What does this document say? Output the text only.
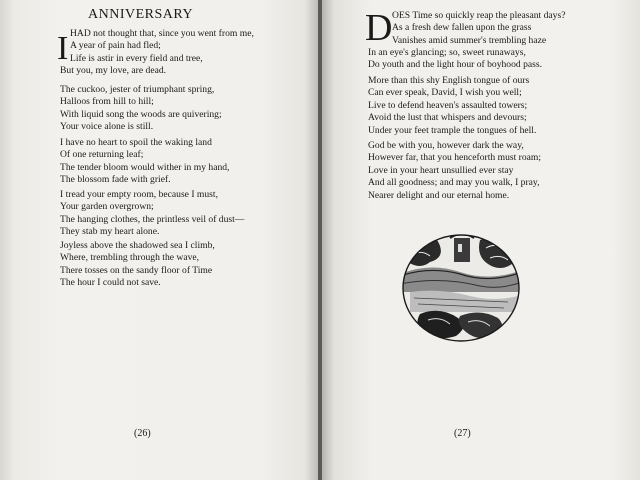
ANNIVERSARY
I HAD not thought that, since you went from me,
A year of pain had fled;
Life is astir in every field and tree,
But you, my love, are dead.
The cuckoo, jester of triumphant spring,
Halloos from hill to hill;
With liquid song the woods are quivering;
Your voice alone is still.
I have no heart to spoil the waking land
Of one returning leaf;
The tender bloom would wither in my hand,
The blossom fade with grief.
I tread your empty room, because I must,
Your garden overgrown;
The hanging clothes, the printless veil of dust—
They stab my heart alone.
Joyless above the shadowed sea I climb,
Where, trembling through the wave,
There tosses on the sandy floor of Time
The hour I could not save.
(26)
D OES Time so quickly reap the pleasant days?
As a fresh dew fallen upon the grass
Vanishes amid summer's trembling haze
In an eye's glancing; so, sweet runaways,
Do youth and the light hour of boyhood pass.
More than this shy English tongue of ours
Can ever speak, David, I wish you well;
Live to defend heaven's assaulted towers;
Avoid the lust that whispers and devours;
Under your feet trample the tongues of hell.
God be with you, however dark the way,
However far, that you henceforth must roam;
Love in your heart unsullied ever stay
And all goodness; and may you walk, I pray,
Nearer delight and our eternal home.
(27)
